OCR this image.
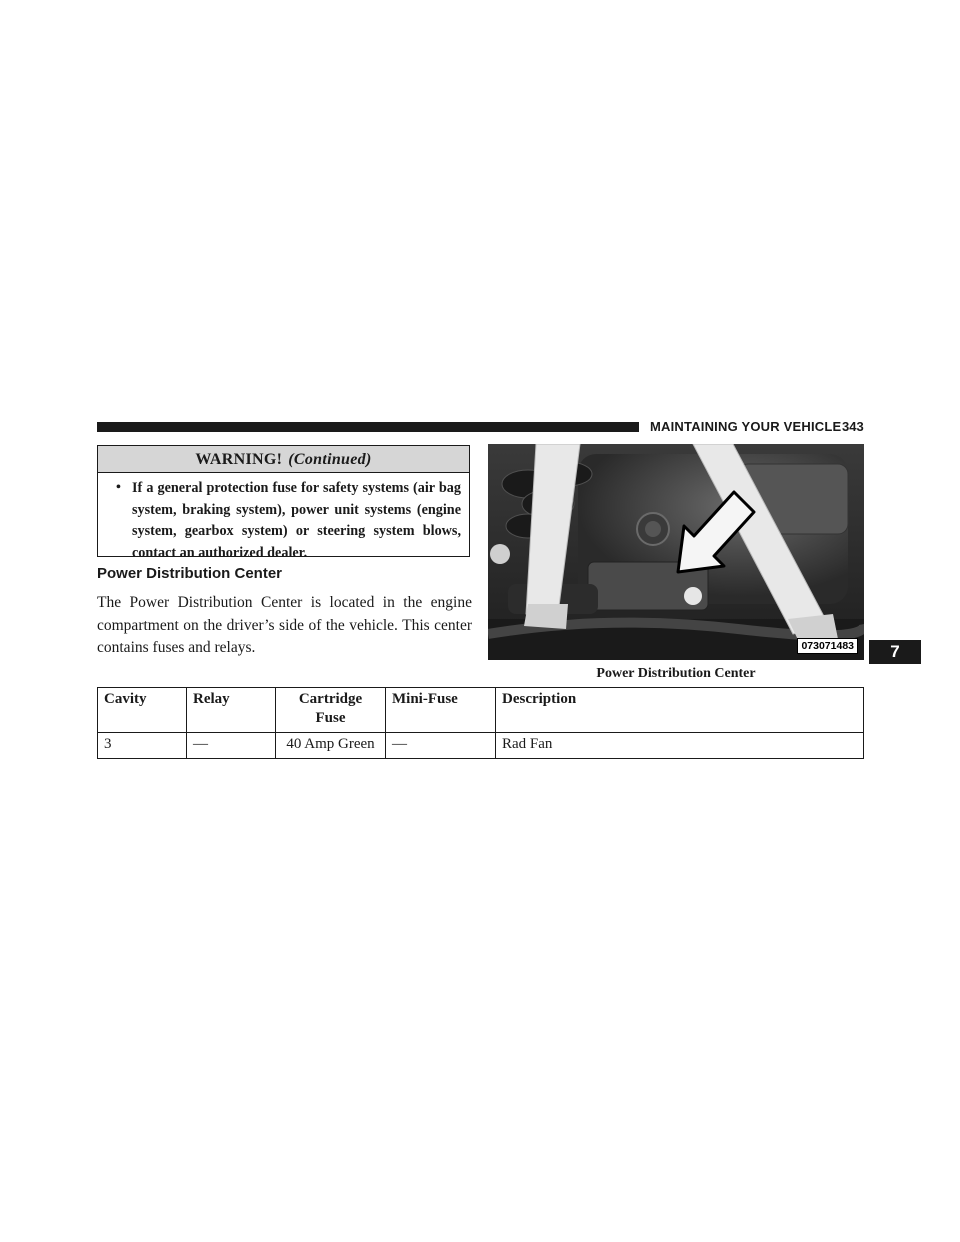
MAINTAINING YOUR VEHICLE 343
WARNING! (Continued)
• If a general protection fuse for safety systems (air bag system, braking system), power unit systems (engine system, gearbox system) or steering system blows, contact an authorized dealer.
Power Distribution Center
The Power Distribution Center is located in the engine compartment on the driver’s side of the vehicle. This center contains fuses and relays.	073071483
Power Distribution Center
7
Cavity	Relay	Cartridge Fuse	Mini-Fuse	Description
3	—	40 Amp Green	—	Rad Fan
